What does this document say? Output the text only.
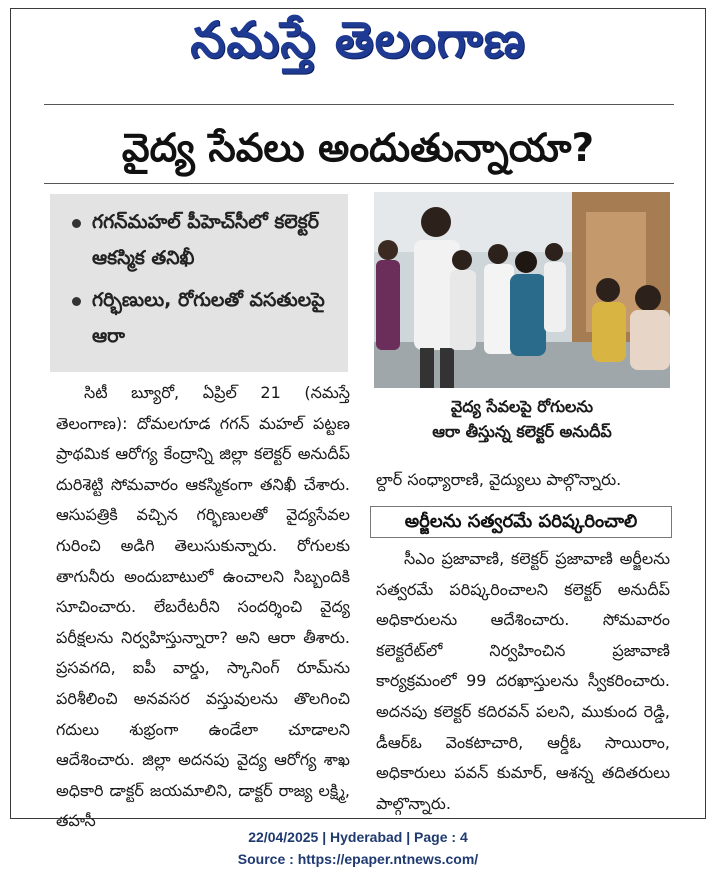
నమస్తే తెలంగాణ
వైద్య సేవలు అందుతున్నాయా?
గగన్‌మహల్ పీహెచ్‌సీలో కలెక్టర్ ఆకస్మిక తనిఖీ
గర్భిణులు, రోగులతో వసతులపై ఆరా

సిటీ బ్యూరో, ఏప్రిల్ 21 (నమస్తే తెలంగాణ): దోమలగూడ గగన్ మహల్ పట్టణ ప్రాథమిక ఆరోగ్య కేంద్రాన్ని జిల్లా కలెక్టర్ అనుదీప్ దురిశెట్టి సోమవారం ఆకస్మికంగా తనిఖీ చేశారు. ఆసుపత్రికి వచ్చిన గర్భిణులతో వైద్యసేవల గురించి అడిగి తెలుసుకున్నారు. రోగులకు తాగునీరు అందుబాటులో ఉంచాలని సిబ్బందికి సూచించారు. లేబరేటరీని సందర్శించి వైద్య పరీక్షలను నిర్వహిస్తున్నారా? అని ఆరా తీశారు. ప్రసవగది, ఐపీ వార్డు, స్కానింగ్ రూమ్‌ను పరిశీలించి అనవసర వస్తువులను తొలగించి గదులు శుభ్రంగా ఉండేలా చూడాలని ఆదేశించారు. జిల్లా అదనపు వైద్య ఆరోగ్య శాఖ అధికారి డాక్టర్ జయమాలిని, డాక్టర్ రాజ్య లక్ష్మి, తహసీ

వైద్య సేవలపై రోగులను
ఆరా తీస్తున్న కలెక్టర్ అనుదీప్
ల్దార్ సంధ్యారాణి, వైద్యులు పాల్గొన్నారు.
అర్జీలను సత్వరమే పరిష్కరించాలి

సీఎం ప్రజావాణి, కలెక్టర్ ప్రజావాణి అర్జీలను సత్వరమే పరిష్కరించాలని కలెక్టర్ అనుదీప్ అధికారులను ఆదేశించారు. సోమవారం కలెక్టరేట్‌లో నిర్వహించిన ప్రజావాణి కార్యక్రమంలో 99 దరఖాస్తులను స్వీకరించారు. అదనపు కలెక్టర్ కదిరవన్ పలని, ముకుంద రెడ్డి, డీఆర్ఓ వెంకటాచారి, ఆర్డీఓ సాయిరాం, అధికారులు పవన్ కుమార్, ఆశన్న తదితరులు పాల్గొన్నారు.

22/04/2025 | Hyderabad | Page : 4
Source : https://epaper.ntnews.com/
